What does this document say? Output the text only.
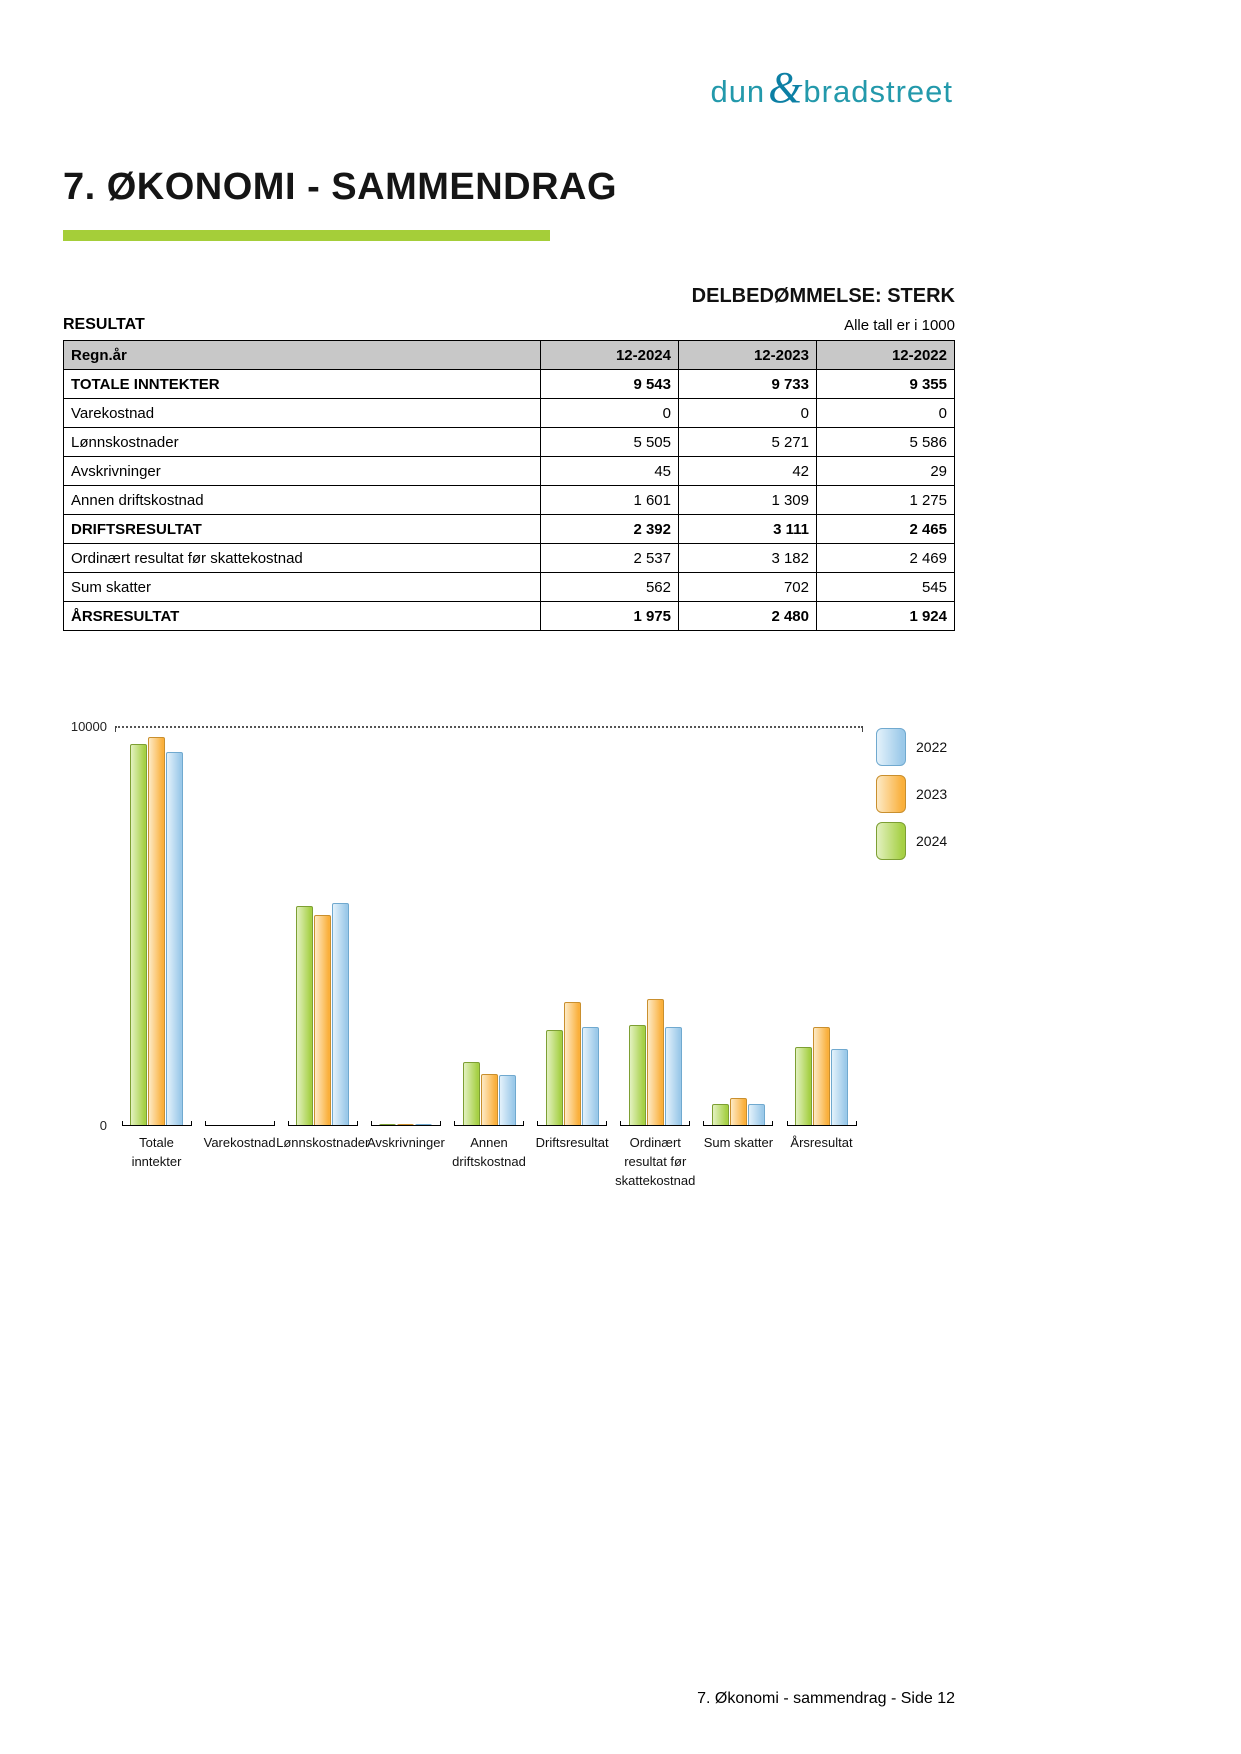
dun & bradstreet
7. ØKONOMI - SAMMENDRAG
DELBEDØMMELSE: STERK
RESULTAT	Alle tall er i 1000
Regn.år	12-2024	12-2023	12-2022
TOTALE INNTEKTER	9 543	9 733	9 355
Varekostnad	0	0	0
Lønnskostnader	5 505	5 271	5 586
Avskrivninger	45	42	29
Annen driftskostnad	1 601	1 309	1 275
DRIFTSRESULTAT	2 392	3 111	2 465
Ordinært resultat før skattekostnad	2 537	3 182	2 469
Sum skatter	562	702	545
ÅRSRESULTAT	1 975	2 480	1 924
10000
0
Totale
inntekter
Varekostnad Lønnskostnader
Avskrivninger	Annen
driftskostnad
Driftsresultat	Ordinært
resultat før
skattekostnad
Sum skatter Årsresultat
2022
2023
2024
7. Økonomi - sammendrag - Side 12
